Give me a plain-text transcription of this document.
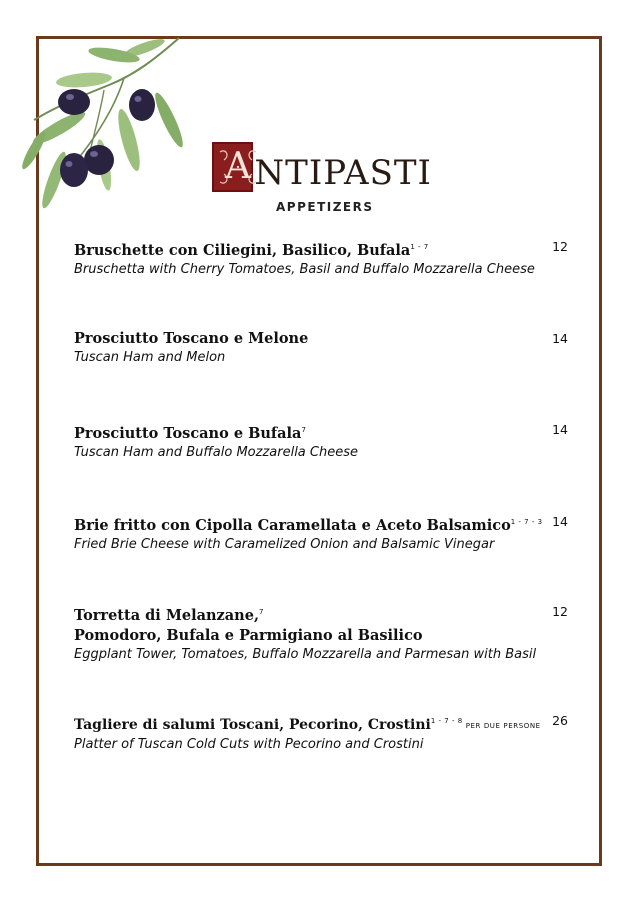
A NTIPASTI
APPETIZERS
Bruschette con Ciliegini, Basilico, Bufala$^{1 - 7}$	12
Bruschetta with Cherry Tomatoes, Basil and Buffalo Mozzarella Cheese
Prosciutto Toscano e Melone	14
Tuscan Ham and Melon
Prosciutto Toscano e Bufala$^7$	14
Tuscan Ham and Buffalo Mozzarella Cheese
Brie fritto con Cipolla Caramellata e Aceto Balsamico$^{1 - 7 - 3}$ 14
Fried Brie Cheese with Caramelized Onion and Balsamic Vinegar
Torretta di Melanzane,$^7$	12
Pomodoro, Bufala e Parmigiano al Basilico
Eggplant Tower, Tomatoes, Buffalo Mozzarella and Parmesan with Basil
Tagliere di salumi Toscani, Pecorino, Crostini$^{1 - 7 - 8}$PER DUE PERSONE 26
Platter of Tuscan Cold Cuts with Pecorino and Crostini
